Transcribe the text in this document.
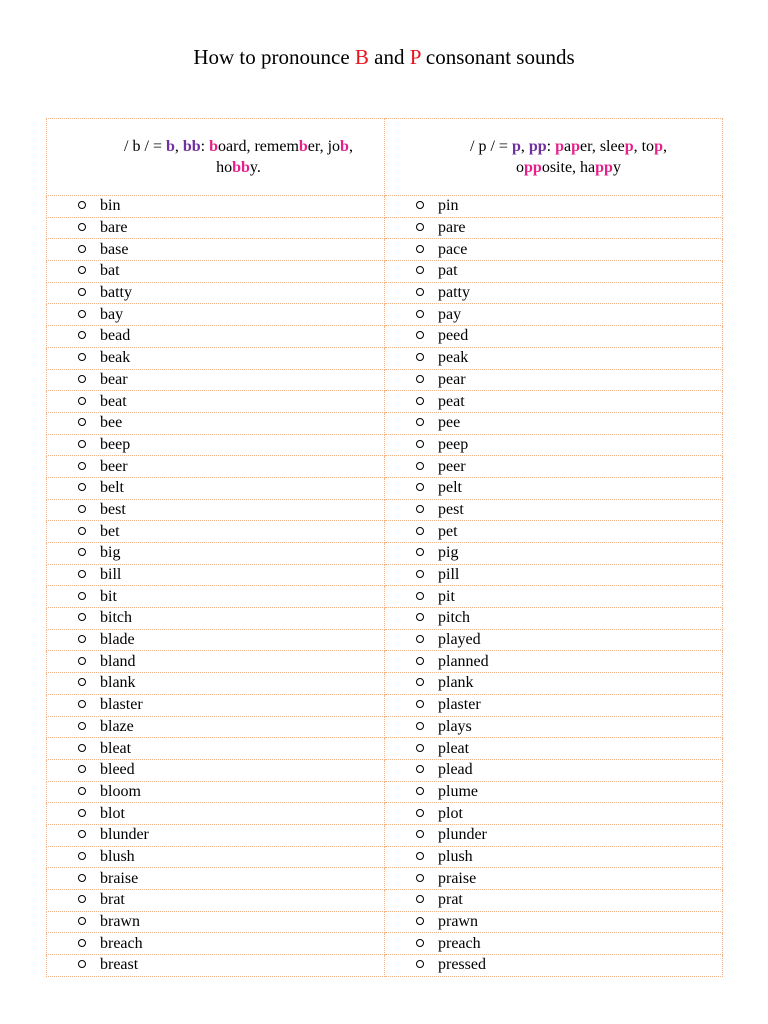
How to pronounce B and P consonant sounds
/ b / = b, bb: board, remember, job, hobby.	/ p / = p, pp: paper, sleep, top, opposite, happy

bin	pin
bare	pare
base	pace
bat	pat
batty	patty
bay	pay
bead	peed
beak	peak
bear	pear
beat	peat
bee	pee
beep	peep
beer	peer
belt	pelt
best	pest
bet	pet
big	pig
bill	pill
bit	pit
bitch	pitch
blade	played
bland	planned
blank	plank
blaster	plaster
blaze	plays
bleat	pleat
bleed	plead
bloom	plume
blot	plot
blunder	plunder
blush	plush
braise	praise
brat	prat
brawn	prawn
breach	preach
breast	pressed
